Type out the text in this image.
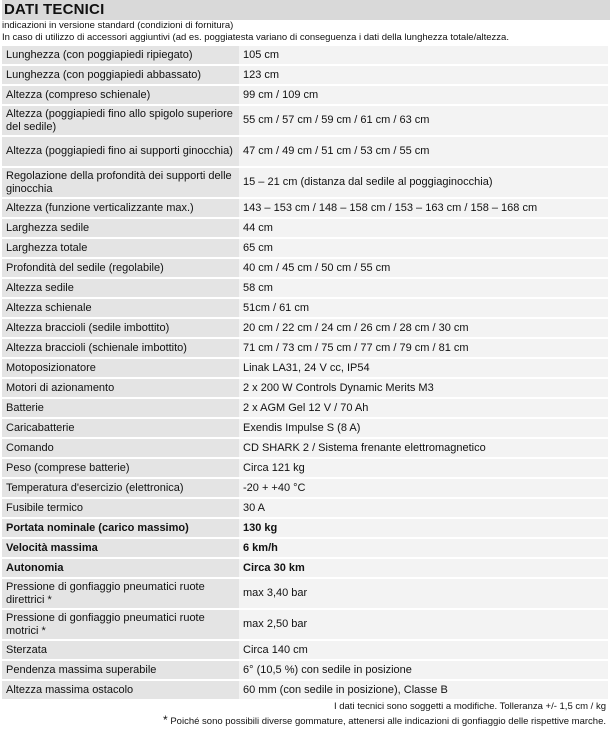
DATI TECNICI
indicazioni in versione standard (condizioni di fornitura)
In caso di utilizzo di accessori aggiuntivi (ad es. poggiatesta variano di conseguenza i dati della lunghezza totale/altezza.
Lunghezza (con poggiapiedi ripiegato)	105 cm
Lunghezza (con poggiapiedi abbassato)	123 cm
Altezza (compreso schienale)	99 cm / 109 cm
Altezza (poggiapiedi fino allo spigolo superiore del sedile)	55 cm / 57 cm / 59 cm / 61 cm / 63 cm
Altezza (poggiapiedi fino ai supporti ginocchia)	47 cm / 49 cm / 51 cm / 53 cm / 55 cm
Regolazione della profondità dei supporti delle ginocchia	15 – 21 cm (distanza dal sedile al poggiaginocchia)
Altezza (funzione verticalizzante max.)	143 – 153 cm / 148 – 158 cm / 153 – 163 cm / 158 – 168 cm
Larghezza sedile	44 cm
Larghezza totale	65 cm
Profondità del sedile (regolabile)	40 cm / 45 cm / 50 cm / 55 cm
Altezza sedile	58 cm
Altezza schienale	51cm / 61 cm
Altezza braccioli (sedile imbottito)	20 cm / 22 cm / 24 cm / 26 cm / 28 cm / 30 cm
Altezza braccioli (schienale imbottito)	71 cm / 73 cm / 75 cm / 77 cm / 79 cm / 81 cm
Motoposizionatore	Linak LA31, 24 V cc, IP54
Motori di azionamento	2 x 200 W Controls Dynamic Merits M3
Batterie	2 x AGM Gel 12 V / 70 Ah
Caricabatterie	Exendis Impulse S (8 A)
Comando	CD SHARK 2 / Sistema frenante elettromagnetico
Peso (comprese batterie)	Circa 121 kg
Temperatura d'esercizio (elettronica)	-20 + +40 °C
Fusibile termico	30 A
Portata nominale (carico massimo)	130 kg
Velocità massima	6 km/h
Autonomia	Circa 30 km
Pressione di gonfiaggio pneumatici ruote direttrici *	max 3,40 bar
Pressione di gonfiaggio pneumatici ruote motrici *	max 2,50 bar
Sterzata	Circa 140 cm
Pendenza massima superabile	6° (10,5 %) con sedile in posizione
Altezza massima ostacolo	60 mm (con sedile in posizione), Classe B
I dati tecnici sono soggetti a modifiche. Tolleranza +/- 1,5 cm / kg
* Poiché sono possibili diverse gommature, attenersi alle indicazioni di gonfiaggio delle rispettive marche.
